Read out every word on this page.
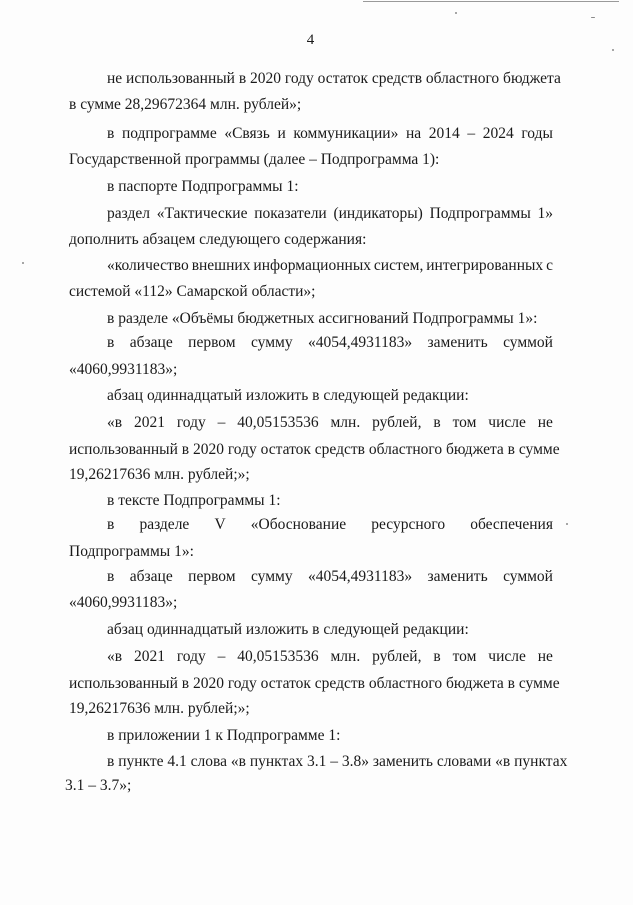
4
не использованный в 2020 году остаток средств областного бюджета
в сумме 28,29672364 млн. рублей»;
в подпрограмме «Связь и коммуникации» на 2014 – 2024 годы
Государственной программы (далее – Подпрограмма 1):
в паспорте Подпрограммы 1:
раздел «Тактические показатели (индикаторы) Подпрограммы 1»
дополнить абзацем следующего содержания:
«количество внешних информационных систем, интегрированных с
системой «112» Самарской области»;
в разделе «Объёмы бюджетных ассигнований Подпрограммы 1»:
в абзаце первом сумму «4054,4931183» заменить суммой
«4060,9931183»;
абзац одиннадцатый изложить в следующей редакции:
«в 2021 году – 40,05153536 млн. рублей, в том числе не
использованный в 2020 году остаток средств областного бюджета в сумме
19,26217636 млн. рублей;»;
в тексте Подпрограммы 1:
в разделе V «Обоснование ресурсного обеспечения
Подпрограммы 1»:
в абзаце первом сумму «4054,4931183» заменить суммой
«4060,9931183»;
абзац одиннадцатый изложить в следующей редакции:
«в 2021 году – 40,05153536 млн. рублей, в том числе не
использованный в 2020 году остаток средств областного бюджета в сумме
19,26217636 млн. рублей;»;
в приложении 1 к Подпрограмме 1:
в пункте 4.1 слова «в пунктах 3.1 – 3.8» заменить словами «в пунктах
3.1 – 3.7»;
